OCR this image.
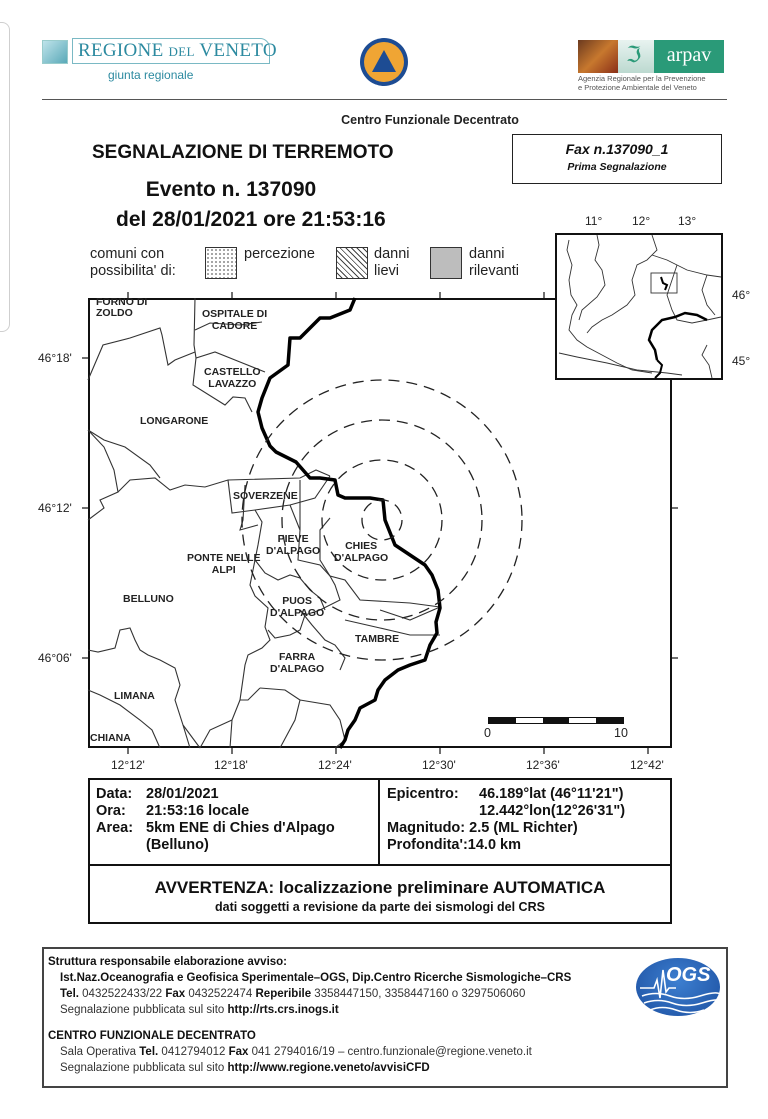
REGIONE DEL VENETO
giunta regionale
ℑ	arpav
Agenzia Regionale per la Prevenzione
e Protezione Ambientale del Veneto
Centro Funzionale Decentrato
SEGNALAZIONE DI TERREMOTO
Evento n. 137090
del 28/01/2021 ore 21:53:16
Fax n.137090_1
Prima Segnalazione
comuni con
possibilita' di:
percezione	danni
lievi
danni
rilevanti
FORNO DI
ZOLDO	OSPITALE DI
CADORE
CASTELLO
LAVAZZO
LONGARONE
SOVERZENE
PIEVE
D'ALPAGO	CHIES
D'ALPAGO
PONTE NELLE
ALPI
BELLUNO	PUOS
D'ALPAGO
TAMBRE
FARRA
D'ALPAGO
LIMANA
CHIANA
46°18'
46°12'
46°06'
12°12'	12°18'	12°24'	12°30'	12°36'	12°42'
0	10
11° 12° 13°
46°
45°
Data: 28/01/2021
Ora: 21:53:16 locale
Area: 5km ENE di Chies d'Alpago
(Belluno)
Epicentro: 46.189°lat (46°11'21")
12.442°lon(12°26'31")
Magnitudo: 2.5 (ML Richter)
Profondita':14.0 km
AVVERTENZA: localizzazione preliminare AUTOMATICA
dati soggetti a revisione da parte dei sismologi del CRS
Struttura responsabile elaborazione avviso:
Ist.Naz.Oceanografia e Geofisica Sperimentale–OGS, Dip.Centro Ricerche Sismologiche–CRS
Tel. 0432522433/22 Fax 0432522474 Reperibile 3358447150, 3358447160 o 3297506060
Segnalazione pubblicata sul sito http://rts.crs.inogs.it
CENTRO FUNZIONALE DECENTRATO
Sala Operativa Tel. 0412794012 Fax 041 2794016/19 – centro.funzionale@regione.veneto.it
Segnalazione pubblicata sul sito http://www.regione.veneto/avvisiCFD
OGS
